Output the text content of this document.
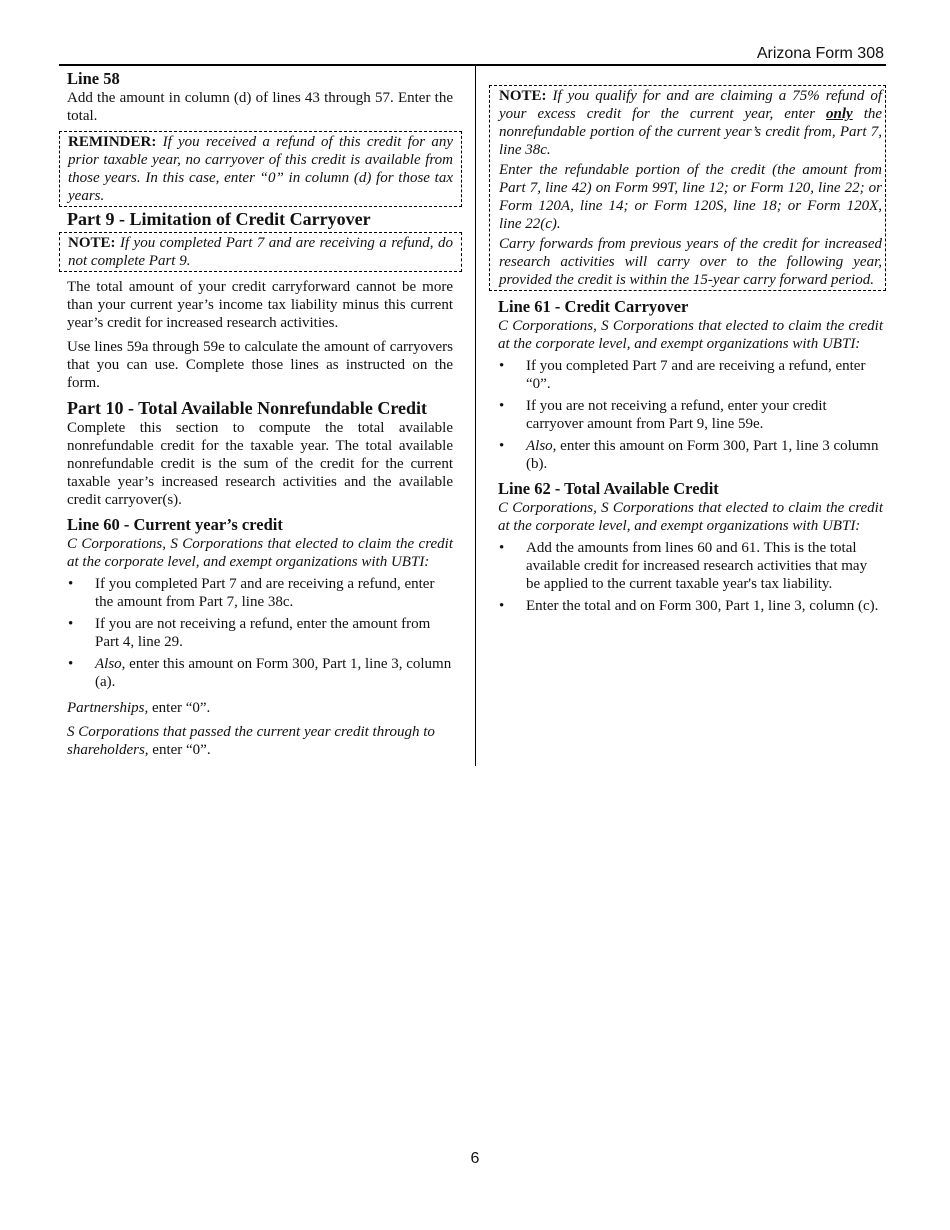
Arizona Form 308
Line 58

Add the amount in column (d) of lines 43 through 57. Enter the total.

REMINDER: If you received a refund of this credit for any prior taxable year, no carryover of this credit is available from those years. In this case, enter “0” in column (d) for those tax years.

Part 9 - Limitation of Credit Carryover

NOTE: If you completed Part 7 and are receiving a refund, do not complete Part 9.

The total amount of your credit carryforward cannot be more than your current year’s income tax liability minus this current year’s credit for increased research activities.

Use lines 59a through 59e to calculate the amount of carryovers that you can use. Complete those lines as instructed on the form.

Part 10 - Total Available Nonrefundable Credit

Complete this section to compute the total available nonrefundable credit for the taxable year. The total available nonrefundable credit is the sum of the credit for the current taxable year’s increased research activities and the available credit carryover(s).

Line 60 - Current year’s credit

C Corporations, S Corporations that elected to claim the credit at the corporate level, and exempt organizations with UBTI:

• If you completed Part 7 and are receiving a refund, enter the amount from Part 7, line 38c.
• If you are not receiving a refund, enter the amount from Part 4, line 29.
• Also, enter this amount on Form 300, Part 1, line 3, column (a).

Partnerships, enter “0”.

S Corporations that passed the current year credit through to shareholders, enter “0”.

NOTE: If you qualify for and are claiming a 75% refund of your excess credit for the current year, enter only the nonrefundable portion of the current year’s credit from, Part 7, line 38c.

Enter the refundable portion of the credit (the amount from Part 7, line 42) on Form 99T, line 12; or Form 120, line 22; or Form 120A, line 14; or Form 120S, line 18; or Form 120X, line 22(c).

Carry forwards from previous years of the credit for increased research activities will carry over to the following year, provided the credit is within the 15-year carry forward period.

Line 61 - Credit Carryover

C Corporations, S Corporations that elected to claim the credit at the corporate level, and exempt organizations with UBTI:

• If you completed Part 7 and are receiving a refund, enter “0”.
• If you are not receiving a refund, enter your credit carryover amount from Part 9, line 59e.
• Also, enter this amount on Form 300, Part 1, line 3 column (b).
Line 62 - Total Available Credit

C Corporations, S Corporations that elected to claim the credit at the corporate level, and exempt organizations with UBTI:

• Add the amounts from lines 60 and 61. This is the total available credit for increased research activities that may be applied to the current taxable year's tax liability.
• Enter the total and on Form 300, Part 1, line 3, column (c).
6
